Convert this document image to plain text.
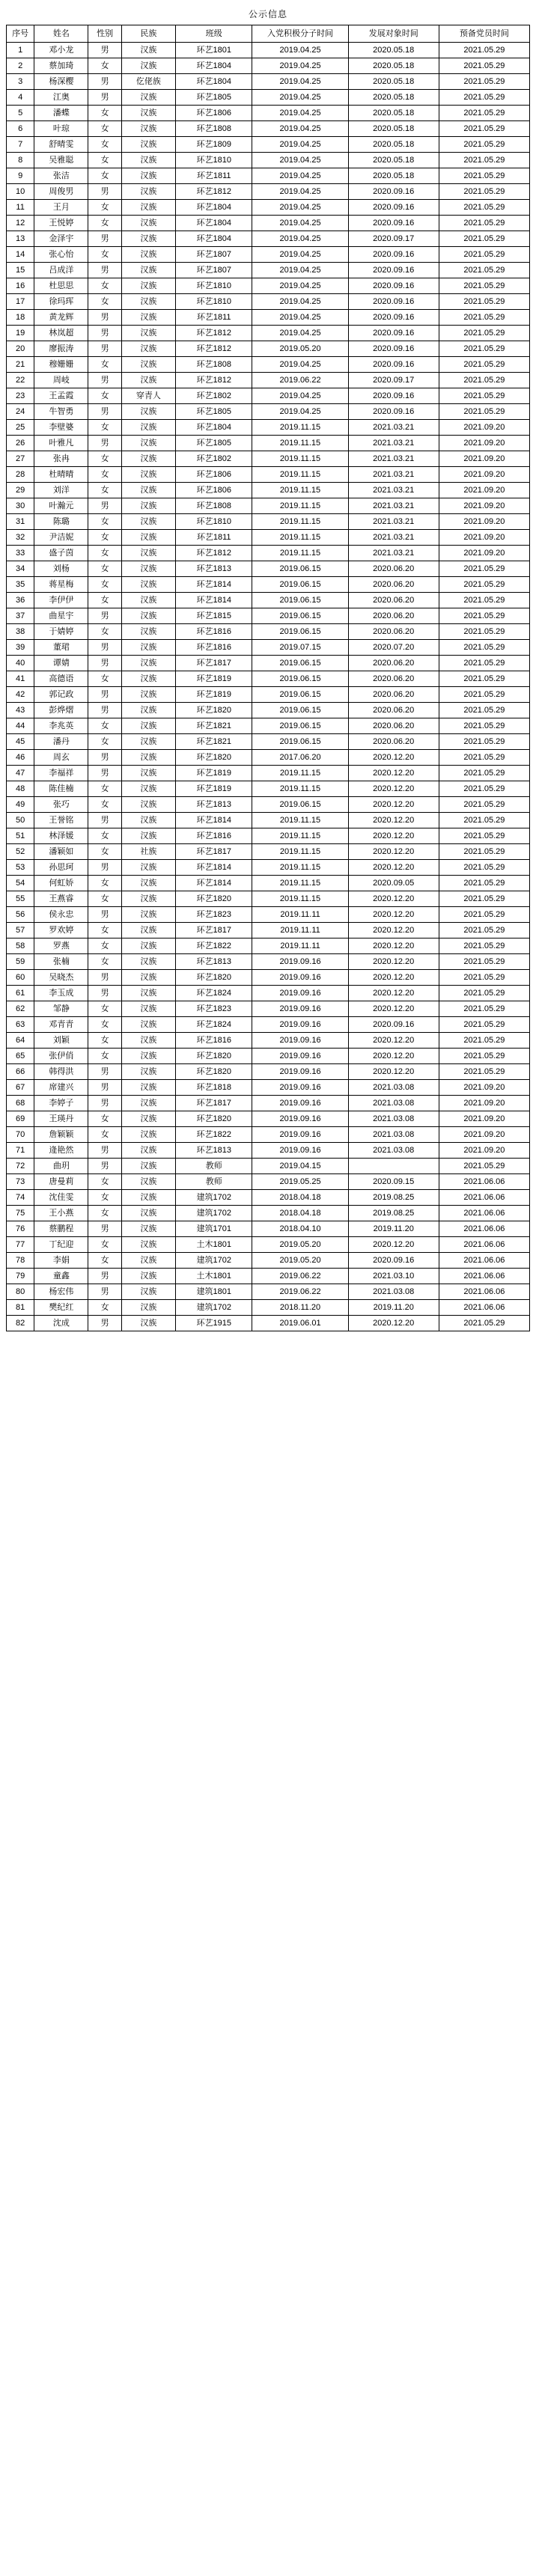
公示信息
序号	姓名	性别	民族	班级	入党积极分子时间	发展对象时间	预备党员时间
1	邓小龙	男	汉族	环艺1801	2019.04.25	2020.05.18	2021.05.29
2	蔡加琦	女	汉族	环艺1804	2019.04.25	2020.05.18	2021.05.29
3	杨深樱	男	仡佬族	环艺1804	2019.04.25	2020.05.18	2021.05.29
4	江奥	男	汉族	环艺1805	2019.04.25	2020.05.18	2021.05.29
5	潘蝶	女	汉族	环艺1806	2019.04.25	2020.05.18	2021.05.29
6	叶琼	女	汉族	环艺1808	2019.04.25	2020.05.18	2021.05.29
7	舒晴雯	女	汉族	环艺1809	2019.04.25	2020.05.18	2021.05.29
8	吴雅聪	女	汉族	环艺1810	2019.04.25	2020.05.18	2021.05.29
9	张洁	女	汉族	环艺1811	2019.04.25	2020.05.18	2021.05.29
10	周俊男	男	汉族	环艺1812	2019.04.25	2020.09.16	2021.05.29
11	王月	女	汉族	环艺1804	2019.04.25	2020.09.16	2021.05.29
12	王悦婷	女	汉族	环艺1804	2019.04.25	2020.09.16	2021.05.29
13	金泽宇	男	汉族	环艺1804	2019.04.25	2020.09.17	2021.05.29
14	张心怡	女	汉族	环艺1807	2019.04.25	2020.09.16	2021.05.29
15	吕成洋	男	汉族	环艺1807	2019.04.25	2020.09.16	2021.05.29
16	杜思思	女	汉族	环艺1810	2019.04.25	2020.09.16	2021.05.29
17	徐玛珲	女	汉族	环艺1810	2019.04.25	2020.09.16	2021.05.29
18	黄龙辉	男	汉族	环艺1811	2019.04.25	2020.09.16	2021.05.29
19	林岚超	男	汉族	环艺1812	2019.04.25	2020.09.16	2021.05.29
20	廖振涛	男	汉族	环艺1812	2019.05.20	2020.09.16	2021.05.29
21	穆姗姗	女	汉族	环艺1808	2019.04.25	2020.09.16	2021.05.29
22	周岐	男	汉族	环艺1812	2019.06.22	2020.09.17	2021.05.29
23	王孟霞	女	穿青人	环艺1802	2019.04.25	2020.09.16	2021.05.29
24	牛智勇	男	汉族	环艺1805	2019.04.25	2020.09.16	2021.05.29
25	李壁婆	女	汉族	环艺1804	2019.11.15	2021.03.21	2021.09.20
26	叶雅凡	男	汉族	环艺1805	2019.11.15	2021.03.21	2021.09.20
27	张冉	女	汉族	环艺1802	2019.11.15	2021.03.21	2021.09.20
28	杜晴晴	女	汉族	环艺1806	2019.11.15	2021.03.21	2021.09.20
29	刘洋	女	汉族	环艺1806	2019.11.15	2021.03.21	2021.09.20
30	叶瀚元	男	汉族	环艺1808	2019.11.15	2021.03.21	2021.09.20
31	陈璐	女	汉族	环艺1810	2019.11.15	2021.03.21	2021.09.20
32	尹洁妮	女	汉族	环艺1811	2019.11.15	2021.03.21	2021.09.20
33	盛子茵	女	汉族	环艺1812	2019.11.15	2021.03.21	2021.09.20
34	刘杨	女	汉族	环艺1813	2019.06.15	2020.06.20	2021.05.29
35	蒋星梅	女	汉族	环艺1814	2019.06.15	2020.06.20	2021.05.29
36	李伊伊	女	汉族	环艺1814	2019.06.15	2020.06.20	2021.05.29
37	曲星宇	男	汉族	环艺1815	2019.06.15	2020.06.20	2021.05.29
38	于婧婷	女	汉族	环艺1816	2019.06.15	2020.06.20	2021.05.29
39	董珺	男	汉族	环艺1816	2019.07.15	2020.07.20	2021.05.29
40	谭婧	男	汉族	环艺1817	2019.06.15	2020.06.20	2021.05.29
41	高德语	女	汉族	环艺1819	2019.06.15	2020.06.20	2021.05.29
42	郭记政	男	汉族	环艺1819	2019.06.15	2020.06.20	2021.05.29
43	彭烨熠	男	汉族	环艺1820	2019.06.15	2020.06.20	2021.05.29
44	李兆英	女	汉族	环艺1821	2019.06.15	2020.06.20	2021.05.29
45	潘丹	女	汉族	环艺1821	2019.06.15	2020.06.20	2021.05.29
46	周玄	男	汉族	环艺1820	2017.06.20	2020.12.20	2021.05.29
47	李福祥	男	汉族	环艺1819	2019.11.15	2020.12.20	2021.05.29
48	陈佳楠	女	汉族	环艺1819	2019.11.15	2020.12.20	2021.05.29
49	张巧	女	汉族	环艺1813	2019.06.15	2020.12.20	2021.05.29
50	王誉铭	男	汉族	环艺1814	2019.11.15	2020.12.20	2021.05.29
51	林泽媛	女	汉族	环艺1816	2019.11.15	2020.12.20	2021.05.29
52	潘颖如	女	社族	环艺1817	2019.11.15	2020.12.20	2021.05.29
53	孙思珂	男	汉族	环艺1814	2019.11.15	2020.12.20	2021.05.29
54	何虹娇	女	汉族	环艺1814	2019.11.15	2020.09.05	2021.05.29
55	王燕睿	女	汉族	环艺1820	2019.11.15	2020.12.20	2021.05.29
56	侯永忠	男	汉族	环艺1823	2019.11.11	2020.12.20	2021.05.29
57	罗欢婷	女	汉族	环艺1817	2019.11.11	2020.12.20	2021.05.29
58	罗燕	女	汉族	环艺1822	2019.11.11	2020.12.20	2021.05.29
59	张楠	女	汉族	环艺1813	2019.09.16	2020.12.20	2021.05.29
60	吴晓杰	男	汉族	环艺1820	2019.09.16	2020.12.20	2021.05.29
61	李玉成	男	汉族	环艺1824	2019.09.16	2020.12.20	2021.05.29
62	邹静	女	汉族	环艺1823	2019.09.16	2020.12.20	2021.05.29
63	邓青青	女	汉族	环艺1824	2019.09.16	2020.09.16	2021.05.29
64	刘颖	女	汉族	环艺1816	2019.09.16	2020.12.20	2021.05.29
65	张伊俏	女	汉族	环艺1820	2019.09.16	2020.12.20	2021.05.29
66	韩得洪	男	汉族	环艺1820	2019.09.16	2020.12.20	2021.05.29
67	席建兴	男	汉族	环艺1818	2019.09.16	2021.03.08	2021.09.20
68	李婷子	男	汉族	环艺1817	2019.09.16	2021.03.08	2021.09.20
69	王瑛丹	女	汉族	环艺1820	2019.09.16	2021.03.08	2021.09.20
70	詹颖颖	女	汉族	环艺1822	2019.09.16	2021.03.08	2021.09.20
71	逄艳然	男	汉族	环艺1813	2019.09.16	2021.03.08	2021.09.20
72	曲玥	男	汉族	教师	2019.04.15		2021.05.29
73	唐曼莉	女	汉族	教师	2019.05.25	2020.09.15	2021.06.06
74	沈佳雯	女	汉族	建筑1702	2018.04.18	2019.08.25	2021.06.06
75	王小燕	女	汉族	建筑1702	2018.04.18	2019.08.25	2021.06.06
76	蔡鹏程	男	汉族	建筑1701	2018.04.10	2019.11.20	2021.06.06
77	丁纪迎	女	汉族	土木1801	2019.05.20	2020.12.20	2021.06.06
78	李娟	女	汉族	建筑1702	2019.05.20	2020.09.16	2021.06.06
79	童鑫	男	汉族	土木1801	2019.06.22	2021.03.10	2021.06.06
80	杨宏伟	男	汉族	建筑1801	2019.06.22	2021.03.08	2021.06.06
81	樊纪红	女	汉族	建筑1702	2018.11.20	2019.11.20	2021.06.06
82	沈成	男	汉族	环艺1915	2019.06.01	2020.12.20	2021.05.29
